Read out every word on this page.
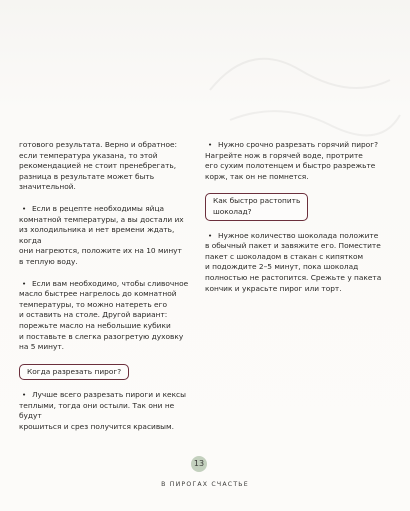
готового результата. Верно и обратное:
если температура указана, то этой
рекомендацией не стоит пренебрегать,
разница в результате может быть
значительной.

• Если в рецепте необходимы яйца
комнатной температуры, а вы достали их
из холодильника и нет времени ждать, когда
они нагреются, положите их на 10 минут
в теплую воду.
• Если вам необходимо, чтобы сливочное
масло быстрее нагрелось до комнатной
температуры, то можно натереть его
и оставить на столе. Другой вариант:
порежьте масло на небольшие кубики
и поставьте в слегка разогретую духовку
на 5 минут.
Когда разрезать пирог?
• Лучше всего разрезать пироги и кексы
теплыми, тогда они остыли. Так они не будут
крошиться и срез получится красивым.
• Нужно срочно разрезать горячий пирог?
Нагрейте нож в горячей воде, протрите
его сухим полотенцем и быстро разрежьте
корж, так он не помнется.
Как быстро растопить
шоколад?
• Нужное количество шоколада положите
в обычный пакет и завяжите его. Поместите
пакет с шоколадом в стакан с кипятком
и подождите 2–5 минут, пока шоколад
полностью не растопится. Срежьте у пакета
кончик и украсьте пирог или торт.
13
В ПИРОГАХ СЧАСТЬЕ
